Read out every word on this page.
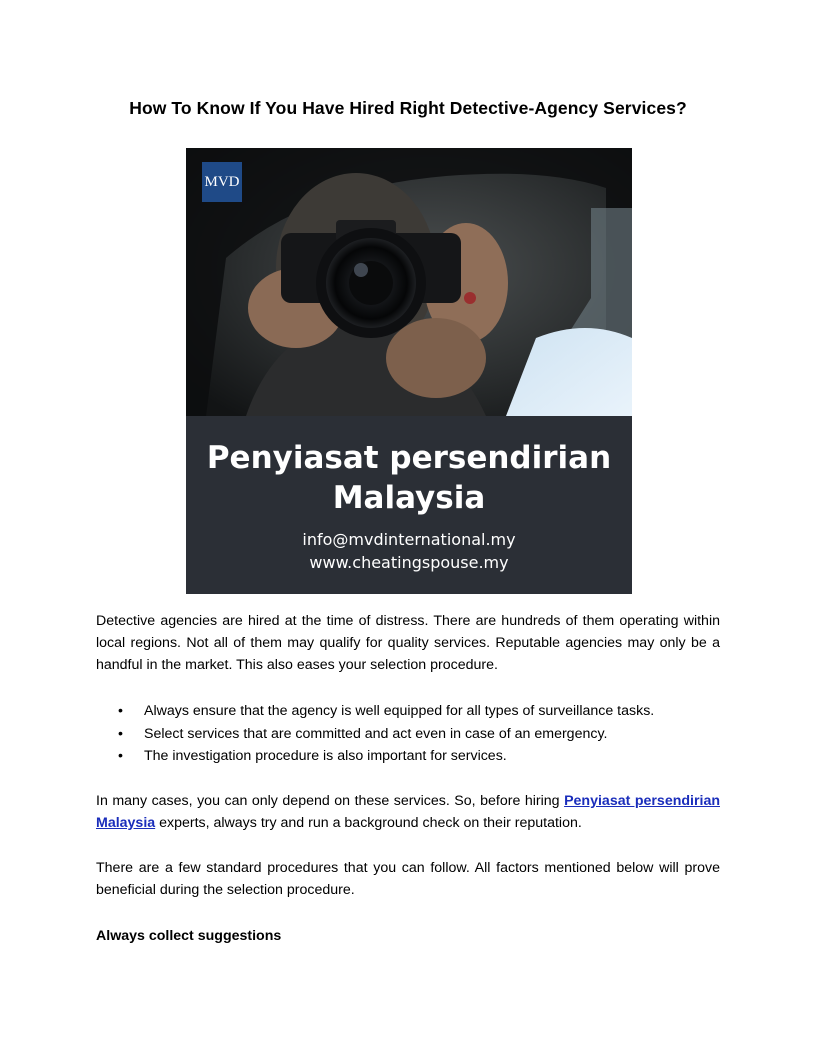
How To Know If You Have Hired Right Detective-Agency Services?
MVD
Penyiasat persendirian Malaysia
info@mvdinternational.my
www.cheatingspouse.my
Detective agencies are hired at the time of distress. There are hundreds of them operating within local regions. Not all of them may qualify for quality services. Reputable agencies may only be a handful in the market. This also eases your selection procedure.
• Always ensure that the agency is well equipped for all types of surveillance tasks.
• Select services that are committed and act even in case of an emergency.
• The investigation procedure is also important for services.
In many cases, you can only depend on these services. So, before hiring Penyiasat persendirian Malaysia experts, always try and run a background check on their reputation.
There are a few standard procedures that you can follow. All factors mentioned below will prove beneficial during the selection procedure.
Always collect suggestions
